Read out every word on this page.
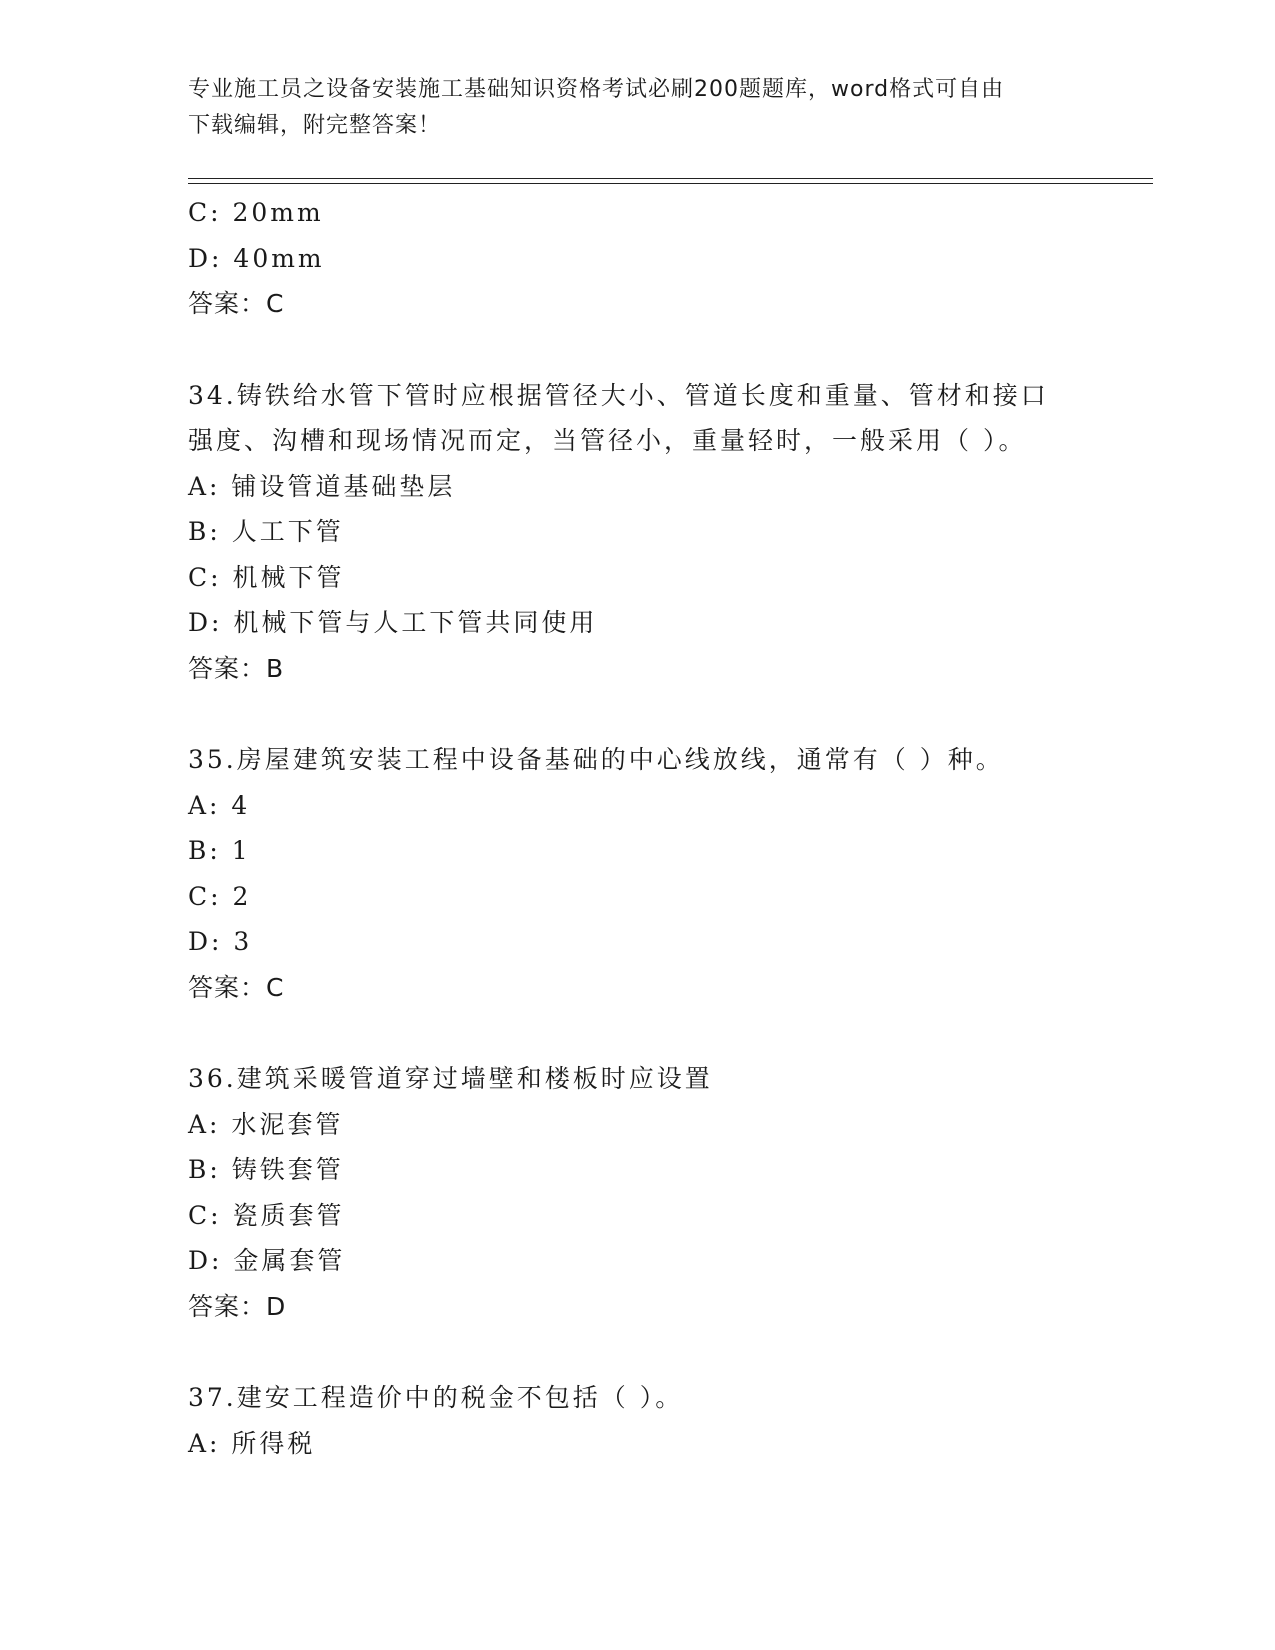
专业施工员之设备安装施工基础知识资格考试必刷200题题库，word格式可自由
下载编辑，附完整答案！
C: 20mm
D: 40mm
答案：C
34.铸铁给水管下管时应根据管径大小、管道长度和重量、管材和接口
强度、沟槽和现场情况而定，当管径小，重量轻时，一般采用（ ）。
A: 铺设管道基础垫层
B: 人工下管
C: 机械下管
D: 机械下管与人工下管共同使用
答案：B
35.房屋建筑安装工程中设备基础的中心线放线，通常有（ ）种。
A: 4
B: 1
C: 2
D: 3
答案：C
36.建筑采暖管道穿过墙壁和楼板时应设置
A: 水泥套管
B: 铸铁套管
C: 瓷质套管
D: 金属套管
答案：D
37.建安工程造价中的税金不包括（ ）。
A: 所得税
